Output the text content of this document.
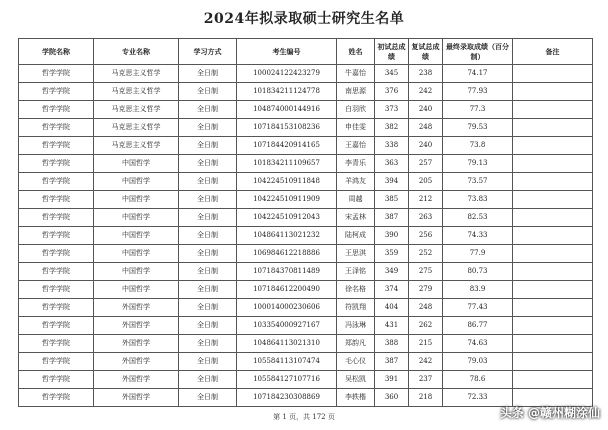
2024年拟录取硕士研究生名单
学院名称	专业名称	学习方式	考生编号	姓名	初试总成绩	复试总成绩	最终录取成绩（百分制）	备注
哲学学院	马克思主义哲学	全日制	100024122423279	牛嘉怡	345	238	74.17	
哲学学院	马克思主义哲学	全日制	101834211124778	南思源	376	242	77.93	
哲学学院	马克思主义哲学	全日制	104874000144916	白羽欣	373	240	77.3	
哲学学院	马克思主义哲学	全日制	107184153108236	申佳雯	382	248	79.53	
哲学学院	马克思主义哲学	全日制	107184420914165	王嘉怡	338	240	73.8	
哲学学院	中国哲学	全日制	101834211109657	李青乐	363	257	79.13	
哲学学院	中国哲学	全日制	104224510911848	羊鸿友	394	205	73.57	
哲学学院	中国哲学	全日制	104224510911909	周越	385	212	73.83	
哲学学院	中国哲学	全日制	104224510912043	宋孟林	387	263	82.53	
哲学学院	中国哲学	全日制	104864113021232	陆柯成	390	256	74.33	
哲学学院	中国哲学	全日制	106984612218886	王思淇	359	252	77.9	
哲学学院	中国哲学	全日制	107184370811489	王泽铭	349	275	80.73	
哲学学院	中国哲学	全日制	107184612200490	徐名格	374	279	83.9	
哲学学院	外国哲学	全日制	100014000230606	符凯翔	404	248	77.43	
哲学学院	外国哲学	全日制	103354000927167	冯泳琳	431	262	86.77	
哲学学院	外国哲学	全日制	104864113021310	郑韵凡	388	215	74.63	
哲学学院	外国哲学	全日制	105584113107474	毛心仪	387	242	79.03	
哲学学院	外国哲学	全日制	105584127107716	吴松凯	391	237	78.6	
哲学学院	外国哲学	全日制	107184230308869	李轶楷	360	218	72.33	
第 1 页，共 172 页	头条 @赣州糊涂仙
